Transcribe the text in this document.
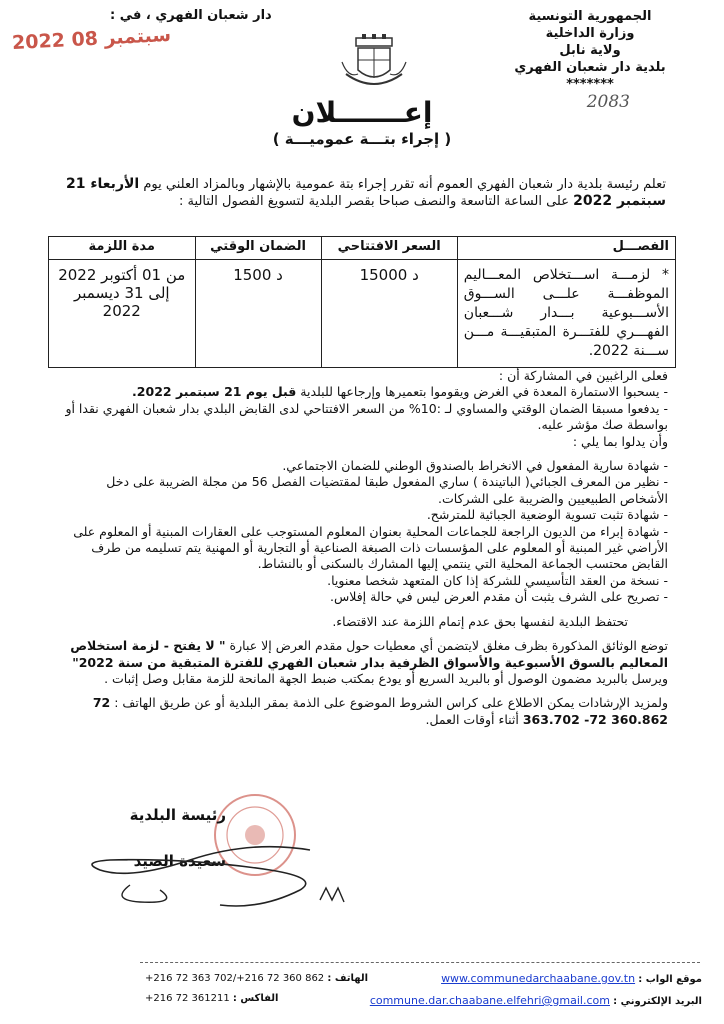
الجمهورية التونسية
وزارة الداخلية
ولاية نابل
بلدية دار شعبان الفهري
*******
2083
دار شعبان الفهري ، في :
2022 سبتمبر 08
إعـــــــلان
( إجراء بتـــة عموميـــة )
تعلم رئيسة بلدية دار شعبان الفهري العموم أنه تقرر إجراء بتة عمومية بالإشهار وبالمزاد العلني يوم الأربعاء 21 سبتمبر 2022 على الساعة التاسعة والنصف صباحا بقصر البلدية لتسويغ الفصول التالية :
الفصـــل	السعر الافتتاحي	الضمان الوقتي	مدة اللزمة
* لزمـــة اســـتخلاص المعـــاليم الموظفـــة علـــى الســـوق الأســـبوعية بـــدار شـــعبان الفهـــري للفتـــرة المتبقيـــة مـــن ســـنة 2022.	15000 د	1500 د	من 01 أكتوبر 2022
إلى 31 ديسمبر 2022

فعلى الراغبين في المشاركة أن :

- يسحبوا الاستمارة المعدة في الغرض ويقوموا بتعميرها وإرجاعها للبلدية قبل يوم 21 سبتمبر 2022.

- يدفعوا مسبقا الضمان الوقتي والمساوي لـ :10% من السعر الافتتاحي لدى القابض البلدي بدار شعبان الفهري نقدا أو بواسطة صك مؤشر عليه.

وأن يدلوا بما يلي :

- شهادة سارية المفعول في الانخراط بالصندوق الوطني للضمان الاجتماعي.

- نظير من المعرف الجبائي( الباتيندة ) ساري المفعول طبقا لمقتضيات الفصل 56 من مجلة الضريبة على دخل الأشخاص الطبيعيين والضريبة على الشركات.

- شهادة تثبت تسوية الوضعية الجبائية للمترشح.

- شهادة إبراء من الديون الراجعة للجماعات المحلية بعنوان المعلوم المستوجب على العقارات المبنية أو المعلوم على الأراضي غير المبنية أو المعلوم على المؤسسات ذات الصبغة الصناعية أو التجارية أو المهنية يتم تسليمه من طرف القابض محتسب الجماعة المحلية التي ينتمي إليها المشارك بالسكنى أو بالنشاط.

- نسخة من العقد التأسيسي للشركة إذا كان المتعهد شخصا معنويا.

- تصريح على الشرف يثبت أن مقدم العرض ليس في حالة إفلاس.

تحتفظ البلدية لنفسها بحق عدم إتمام اللزمة عند الاقتضاء.

توضع الوثائق المذكورة بظرف مغلق لايتضمن أي معطيات حول مقدم العرض إلا عبارة " لا يفتح - لزمة استخلاص المعاليم بالسوق الأسبوعية والأسواق الظرفية بدار شعبان الفهري للفترة المتبقية من سنة 2022" ويرسل بالبريد مضمون الوصول أو بالبريد السريع أو يودع بمكتب ضبط الجهة المانحة للزمة مقابل وصل إثبات .

ولمزيد الإرشادات يمكن الاطلاع على كراس الشروط الموضوع على الذمة بمقر البلدية أو عن طريق الهاتف : 72 363.702 -72 360.862 أثناء أوقات العمل.

رئيسة البلدية
سعيدة الصيد
موقع الواب : www.communedarchaabane.gov.tn
البريد الإلكتروني : commune.dar.chaabane.elfehri@gmail.com
الهاتف : +216 72 363 702/+216 72 360 862
الفاكس : +216 72 361211
